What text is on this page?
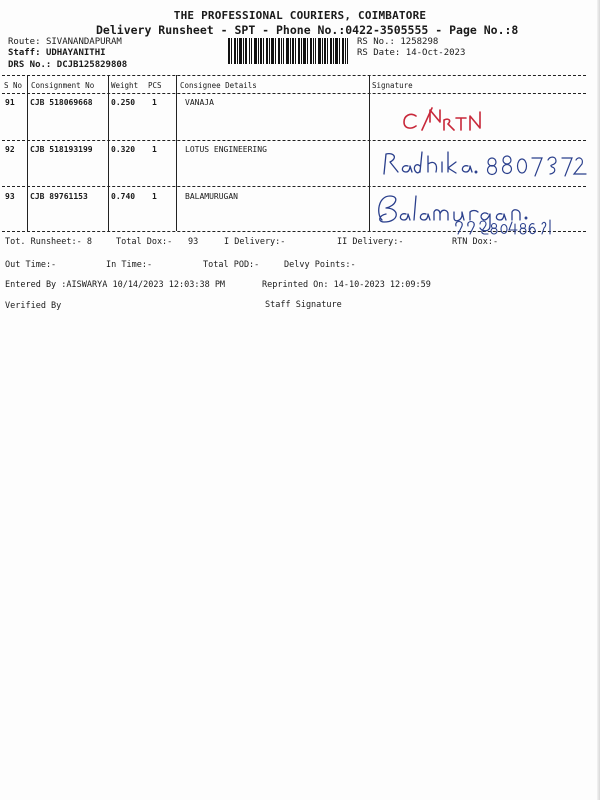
THE PROFESSIONAL COURIERS, COIMBATORE
Delivery Runsheet - SPT - Phone No.:0422-3505555 - Page No.:8
Route: SIVANANDAPURAM
Staff: UDHAYANITHI
DRS No.: DCJB125829808
RS No.: 1258298
RS Date: 14-Oct-2023
S No Consignment No Weight PCS Consignee Details	Signature
91 CJB 518069668 0.250 1	VANAJA
92 CJB 518193199 0.320 1	LOTUS ENGINEERING
93 CJB 89761153	0.740 1	BALAMURUGAN
Tot. Runsheet:- 8	Total Dox:- 93	I Delivery:-	II Delivery:-	RTN Dox:-
Out Time:-	In Time:-	Total POD:-	Delvy Points:-
Entered By :AISWARYA 10/14/2023 12:03:38 PM	Reprinted On: 14-10-2023 12:09:59
Verified By	Staff Signature
